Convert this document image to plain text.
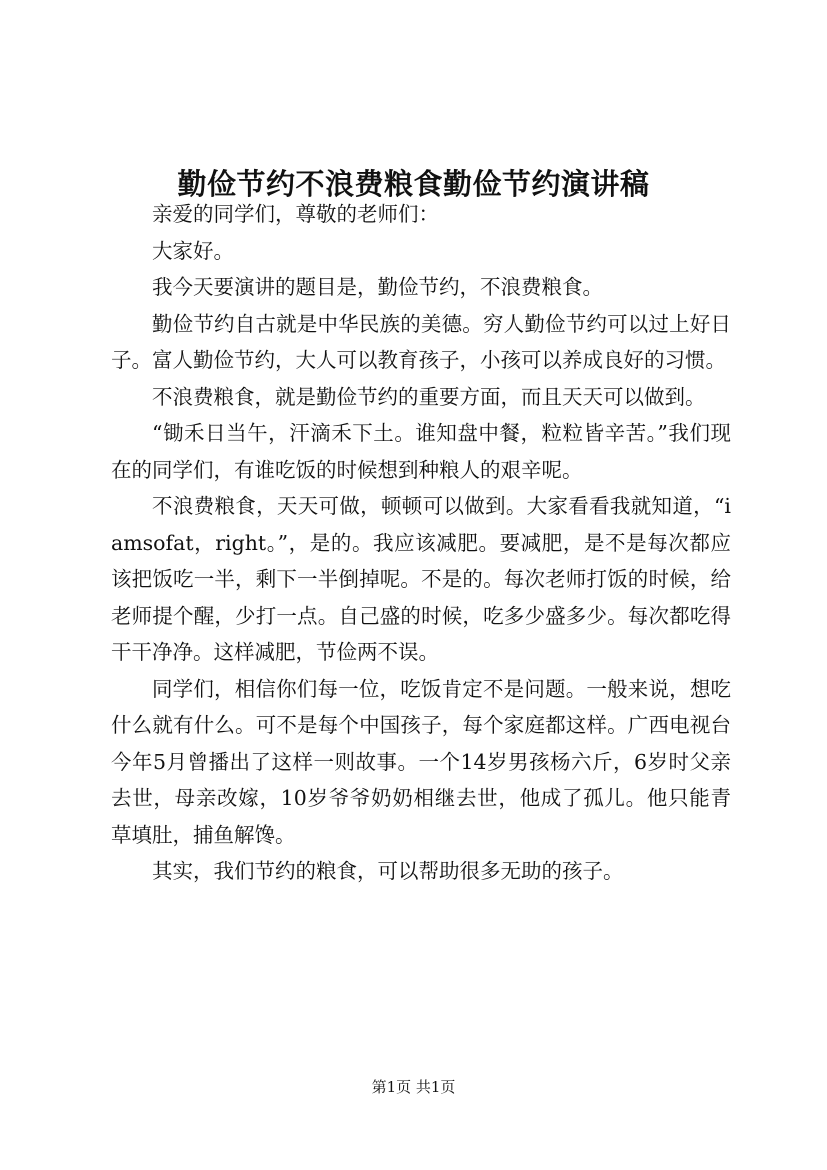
勤俭节约不浪费粮食勤俭节约演讲稿

亲爱的同学们，尊敬的老师们：

大家好。

我今天要演讲的题目是，勤俭节约，不浪费粮食。

勤俭节约自古就是中华民族的美德。穷人勤俭节约可以过上好日子。富人勤俭节约，大人可以教育孩子，小孩可以养成良好的习惯。

不浪费粮食，就是勤俭节约的重要方面，而且天天可以做到。

“锄禾日当午，汗滴禾下土。谁知盘中餐，粒粒皆辛苦。”我们现在的同学们，有谁吃饭的时候想到种粮人的艰辛呢。

不浪费粮食，天天可做，顿顿可以做到。大家看看我就知道，“iamsofat，right。”，是的。我应该减肥。要减肥，是不是每次都应该把饭吃一半，剩下一半倒掉呢。不是的。每次老师打饭的时候，给老师提个醒，少打一点。自己盛的时候，吃多少盛多少。每次都吃得干干净净。这样减肥，节俭两不误。

同学们，相信你们每一位，吃饭肯定不是问题。一般来说，想吃什么就有什么。可不是每个中国孩子，每个家庭都这样。广西电视台今年5月曾播出了这样一则故事。一个14岁男孩杨六斤，6岁时父亲去世，母亲改嫁，10岁爷爷奶奶相继去世，他成了孤儿。他只能青草填肚，捕鱼解馋。

其实，我们节约的粮食，可以帮助很多无助的孩子。

第1页 共1页
